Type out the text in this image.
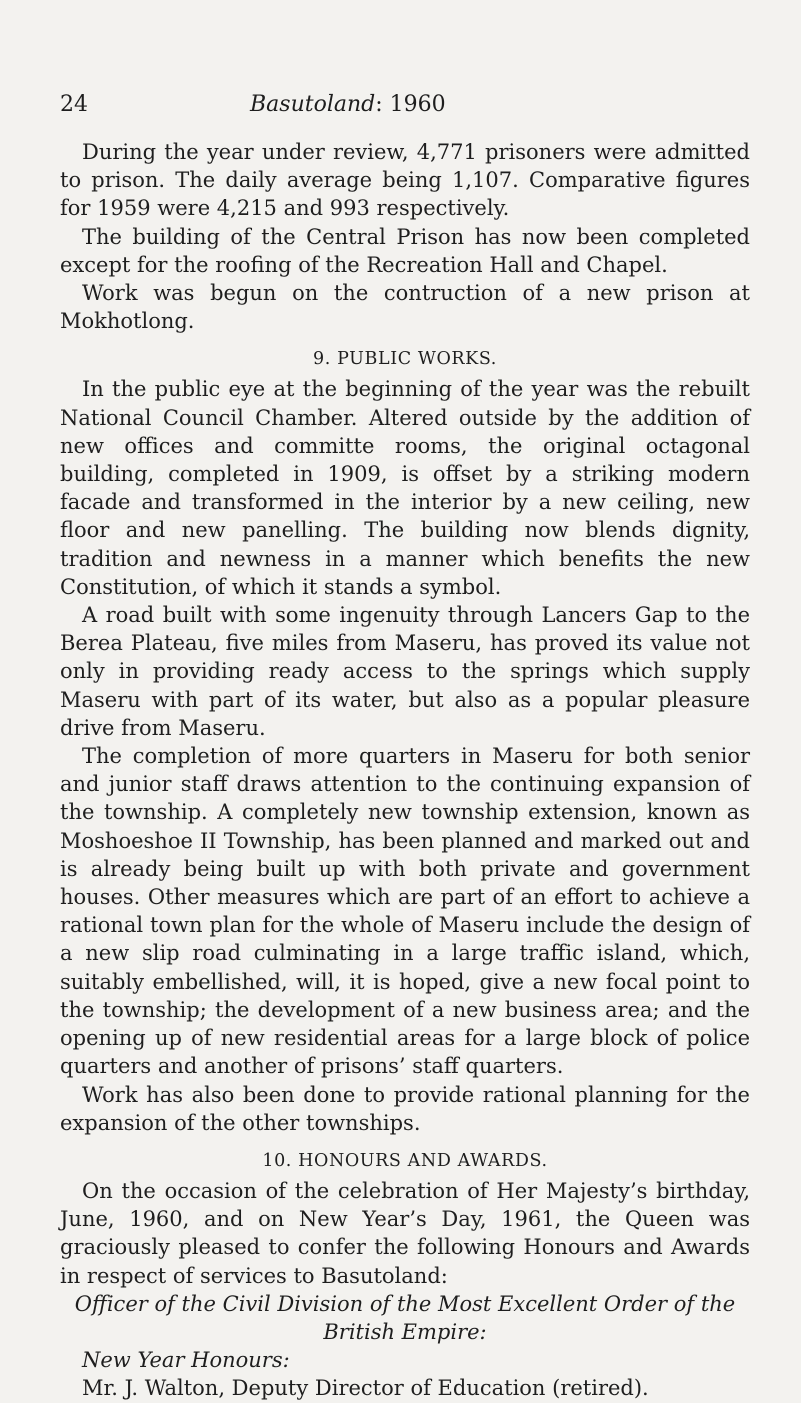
24	Basutoland: 1960

During the year under review, 4,771 prisoners were admitted to prison. The daily average being 1,107. Comparative figures for 1959 were 4,215 and 993 respectively.

The building of the Central Prison has now been completed except for the roofing of the Recreation Hall and Chapel.

Work was begun on the contruction of a new prison at Mokhotlong.

9. PUBLIC WORKS.

In the public eye at the beginning of the year was the rebuilt National Council Chamber. Altered outside by the addition of new offices and committe rooms, the original octagonal building, completed in 1909, is offset by a striking modern facade and transformed in the interior by a new ceiling, new floor and new panelling. The building now blends dignity, tradition and newness in a manner which benefits the new Constitution, of which it stands a symbol.

A road built with some ingenuity through Lancers Gap to the Berea Plateau, five miles from Maseru, has proved its value not only in providing ready access to the springs which supply Maseru with part of its water, but also as a popular pleasure drive from Maseru.

The completion of more quarters in Maseru for both senior and junior staff draws attention to the continuing expansion of the township. A completely new township extension, known as Moshoeshoe II Township, has been planned and marked out and is already being built up with both private and government houses. Other measures which are part of an effort to achieve a rational town plan for the whole of Maseru include the design of a new slip road culminating in a large traffic island, which, suitably embellished, will, it is hoped, give a new focal point to the township; the development of a new business area; and the opening up of new residential areas for a large block of police quarters and another of prisons’ staff quarters.

Work has also been done to provide rational planning for the expansion of the other townships.

10. HONOURS AND AWARDS.

On the occasion of the celebration of Her Majesty’s birthday, June, 1960, and on New Year’s Day, 1961, the Queen was graciously pleased to confer the following Honours and Awards in respect of services to Basutoland:

Officer of the Civil Division of the Most Excellent Order of the British Empire:

New Year Honours:

Mr. J. Walton, Deputy Director of Education (retired).
